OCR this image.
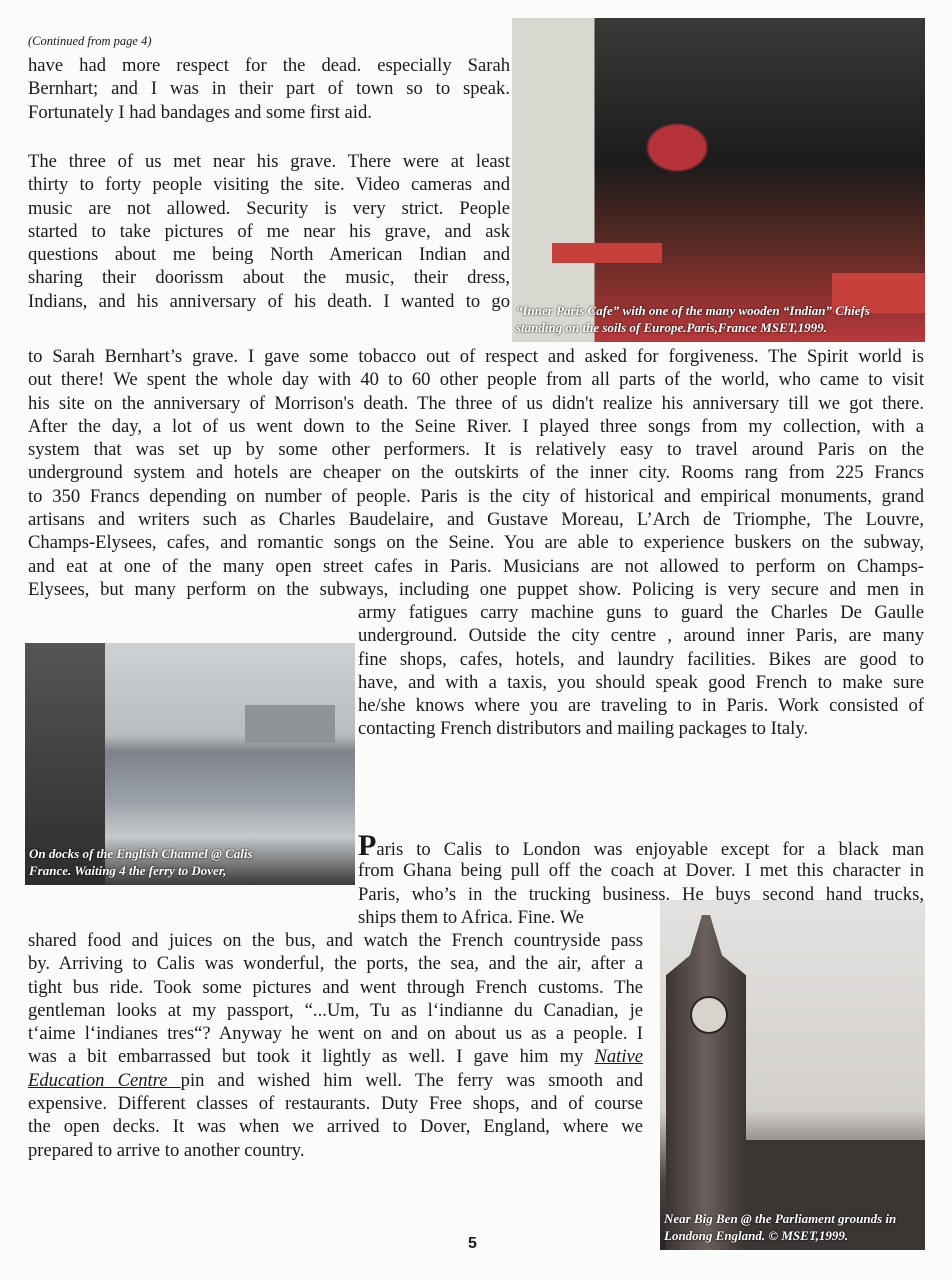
(Continued from page 4)
have had more respect for the dead. especially Sarah
Bernhart; and I was in their part of town so to speak.
Fortunately I had bandages and some first aid.
The three of us met near his grave. There were at least
thirty to forty people visiting the site. Video cameras and
music are not allowed. Security is very strict. People
started to take pictures of me near his grave, and ask
questions about me being North American Indian and
sharing their doorissm about the music, their dress,
Indians, and his anniversary of his death. I wanted to go
to Sarah Bernhart’s grave. I gave some tobacco out of respect and asked for forgiveness. The Spirit world is
out there! We spent the whole day with 40 to 60 other people from all parts of the world, who came to visit
his site on the anniversary of Morrison's death. The three of us didn't realize his anniversary till we got there.
After the day, a lot of us went down to the Seine River. I played three songs from my collection, with a
system that was set up by some other performers. It is relatively easy to travel around Paris on the
underground system and hotels are cheaper on the outskirts of the inner city. Rooms rang from 225 Francs
to 350 Francs depending on number of people. Paris is the city of historical and empirical monuments, grand
artisans and writers such as Charles Baudelaire, and Gustave Moreau, L’Arch de Triomphe, The Louvre,
Champs-Elysees, cafes, and romantic songs on the Seine. You are able to experience buskers on the subway,
and eat at one of the many open street cafes in Paris. Musicians are not allowed to perform on Champs-
Elysees, but many perform on the subways, including one puppet show. Policing is very secure and men in
army fatigues carry machine guns to guard the Charles De Gaulle
underground. Outside the city centre , around inner Paris, are many
fine shops, cafes, hotels, and laundry facilities. Bikes are good to
have, and with a taxis, you should speak good French to make sure
he/she knows where you are traveling to in Paris. Work consisted of
contacting French distributors and mailing packages to Italy.
Paris to Calis to London was enjoyable except for a black man
from Ghana being pull off the coach at Dover. I met this character in
Paris, who’s in the trucking business. He buys second hand trucks,
ships them to Africa. Fine. We
shared food and juices on the bus, and watch the French countryside pass
by. Arriving to Calis was wonderful, the ports, the sea, and the air, after a
tight bus ride. Took some pictures and went through French customs. The
gentleman looks at my passport, “...Um, Tu as l‘indianne du Canadian, je
t‘aime l‘indianes tres“? Anyway he went on and on about us as a people. I
was a bit embarrassed but took it lightly as well. I gave him my Native
Education Centre pin and wished him well. The ferry was smooth and
expensive. Different classes of restaurants. Duty Free shops, and of course
the open decks. It was when we arrived to Dover, England, where we
prepared to arrive to another country.
“Inner Paris Cafe” with one of the many wooden “Indian” Chiefs
standing on the soils of Europe.Paris,France MSET,1999.
On docks of the English Channel @ Calis
France. Waiting 4 the ferry to Dover,
Near Big Ben @ the Parliament grounds in
Londong England. © MSET,1999.
5
